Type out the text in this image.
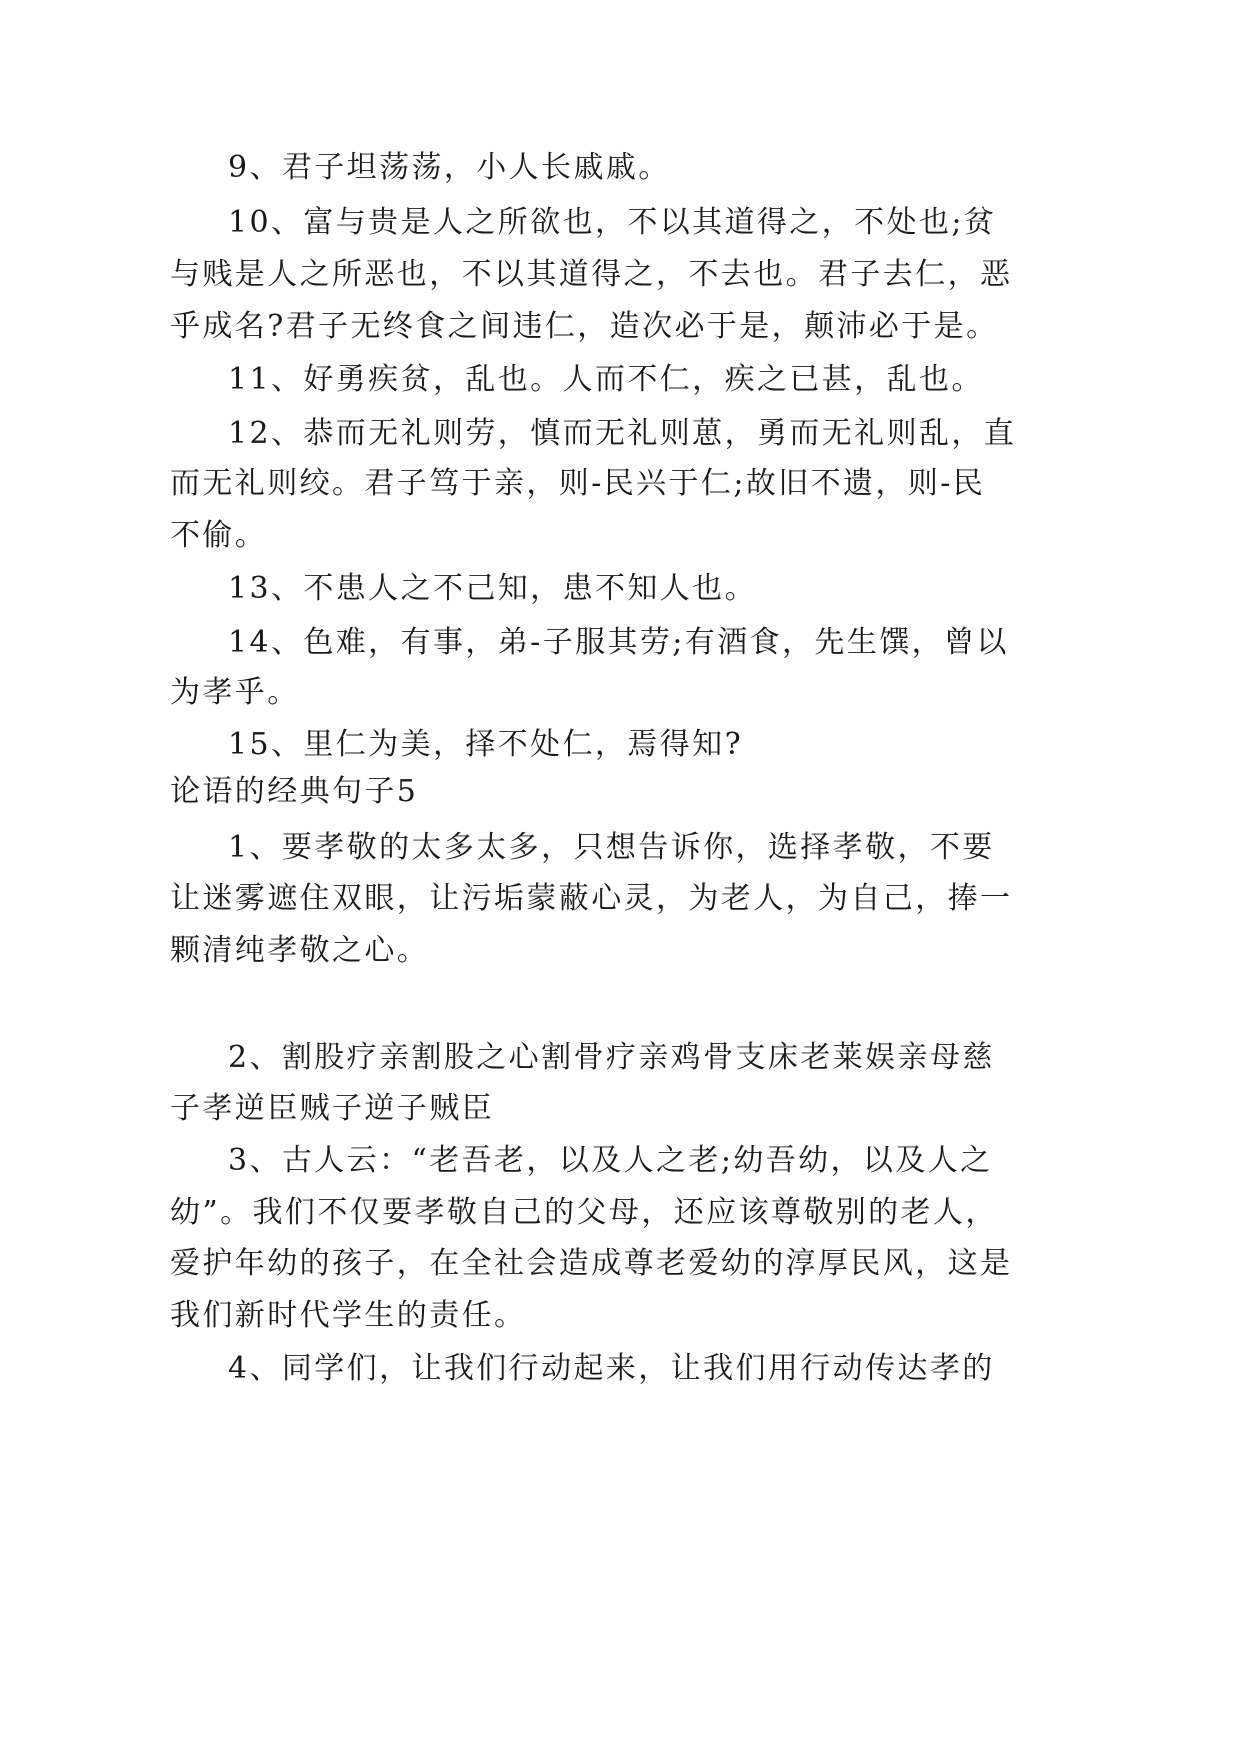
9、君子坦荡荡，小人长戚戚。
10、富与贵是人之所欲也，不以其道得之，不处也;贫
与贱是人之所恶也，不以其道得之，不去也。君子去仁，恶
乎成名?君子无终食之间违仁，造次必于是，颠沛必于是。
11、好勇疾贫，乱也。人而不仁，疾之已甚，乱也。
12、恭而无礼则劳，慎而无礼则葸，勇而无礼则乱，直
而无礼则绞。君子笃于亲，则-民兴于仁;故旧不遗，则-民
不偷。
13、不患人之不己知，患不知人也。
14、色难，有事，弟-子服其劳;有酒食，先生馔，曾以
为孝乎。
15、里仁为美，择不处仁，焉得知?
论语的经典句子5
1、要孝敬的太多太多，只想告诉你，选择孝敬，不要
让迷雾遮住双眼，让污垢蒙蔽心灵，为老人，为自己，捧一
颗清纯孝敬之心。
2、割股疗亲割股之心割骨疗亲鸡骨支床老莱娱亲母慈
子孝逆臣贼子逆子贼臣
3、古人云：“老吾老，以及人之老;幼吾幼，以及人之
幼”。我们不仅要孝敬自己的父母，还应该尊敬别的老人，
爱护年幼的孩子，在全社会造成尊老爱幼的淳厚民风，这是
我们新时代学生的责任。
4、同学们，让我们行动起来，让我们用行动传达孝的
